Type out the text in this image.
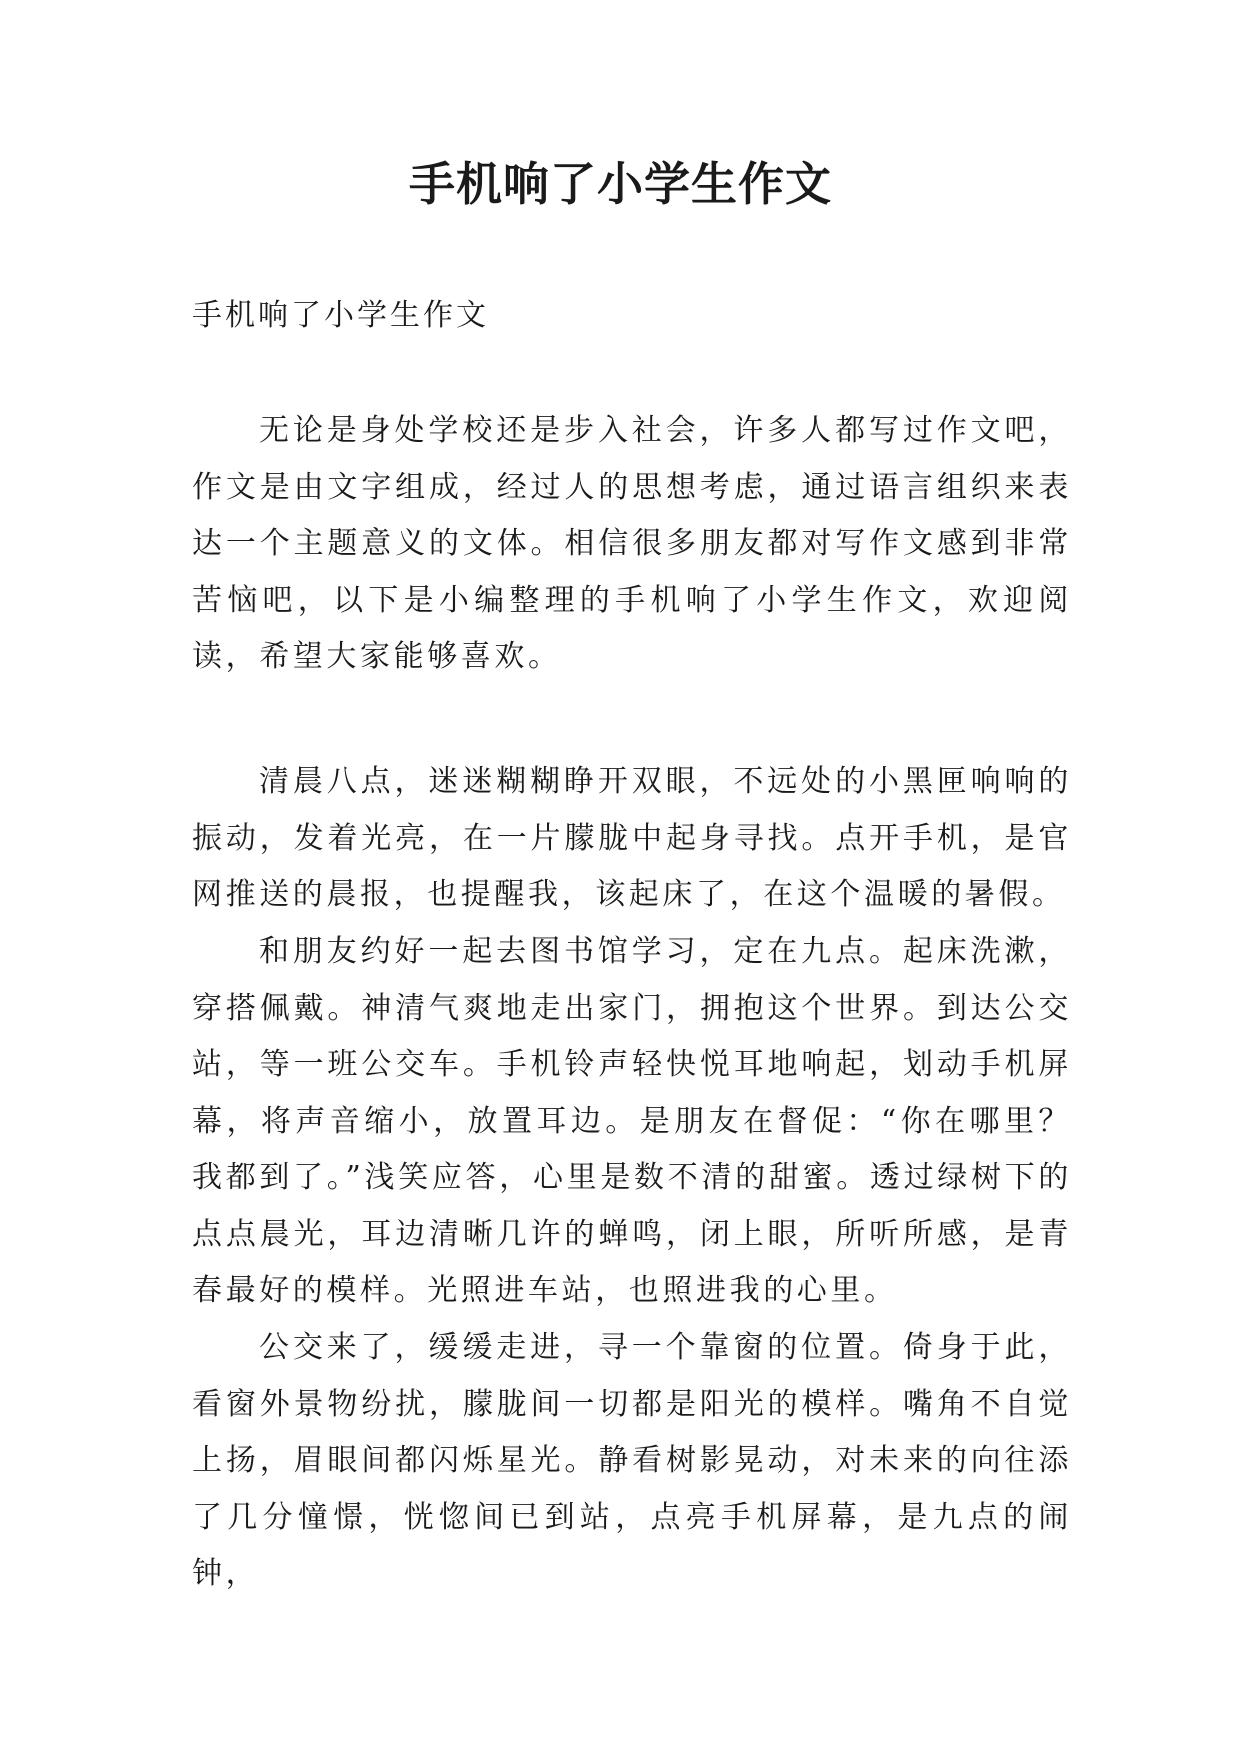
手机响了小学生作文

手机响了小学生作文

无论是身处学校还是步入社会，许多人都写过作文吧，作文是由文字组成，经过人的思想考虑，通过语言组织来表达一个主题意义的文体。相信很多朋友都对写作文感到非常苦恼吧，以下是小编整理的手机响了小学生作文，欢迎阅读，希望大家能够喜欢。

清晨八点，迷迷糊糊睁开双眼，不远处的小黑匣响响的振动，发着光亮，在一片朦胧中起身寻找。点开手机，是官网推送的晨报，也提醒我，该起床了，在这个温暖的暑假。

和朋友约好一起去图书馆学习，定在九点。起床洗漱，穿搭佩戴。神清气爽地走出家门，拥抱这个世界。到达公交站，等一班公交车。手机铃声轻快悦耳地响起，划动手机屏幕，将声音缩小，放置耳边。是朋友在督促：“你在哪里？我都到了。”浅笑应答，心里是数不清的甜蜜。透过绿树下的点点晨光，耳边清晰几许的蝉鸣，闭上眼，所听所感，是青春最好的模样。光照进车站，也照进我的心里。

公交来了，缓缓走进，寻一个靠窗的位置。倚身于此，看窗外景物纷扰，朦胧间一切都是阳光的模样。嘴角不自觉上扬，眉眼间都闪烁星光。静看树影晃动，对未来的向往添了几分憧憬，恍惚间已到站，点亮手机屏幕，是九点的闹钟，
